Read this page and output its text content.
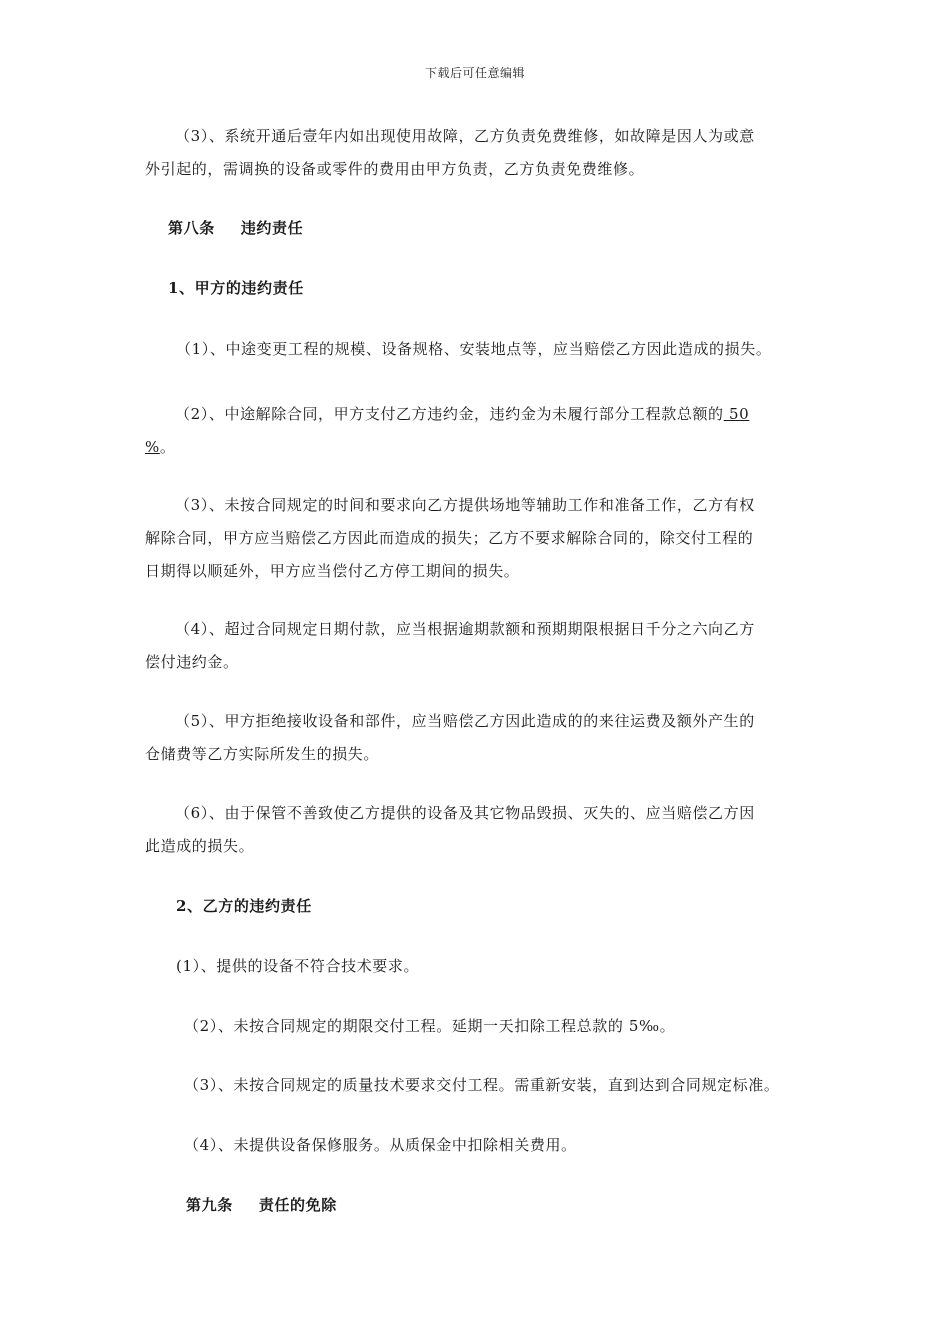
下载后可任意编辑
（3）、系统开通后壹年内如出现使用故障，乙方负责免费维修，如故障是因人为或意
外引起的，需调换的设备或零件的费用由甲方负责，乙方负责免费维修。
第八条 违约责任
1、甲方的违约责任
（1）、中途变更工程的规模、设备规格、安装地点等，应当赔偿乙方因此造成的损失。
（2）、中途解除合同，甲方支付乙方违约金，违约金为未履行部分工程款总额的 50
%。
（3）、未按合同规定的时间和要求向乙方提供场地等辅助工作和准备工作，乙方有权
解除合同，甲方应当赔偿乙方因此而造成的损失；乙方不要求解除合同的，除交付工程的
日期得以顺延外，甲方应当偿付乙方停工期间的损失。
（4）、超过合同规定日期付款，应当根据逾期款额和预期期限根据日千分之六向乙方
偿付违约金。
（5）、甲方拒绝接收设备和部件，应当赔偿乙方因此造成的的来往运费及额外产生的
仓储费等乙方实际所发生的损失。
（6）、由于保管不善致使乙方提供的设备及其它物品毁损、灭失的、应当赔偿乙方因
此造成的损失。
2、乙方的违约责任
(1）、提供的设备不符合技术要求。
（2）、未按合同规定的期限交付工程。延期一天扣除工程总款的 5‰。
（3）、未按合同规定的质量技术要求交付工程。需重新安装，直到达到合同规定标准。
（4）、未提供设备保修服务。从质保金中扣除相关费用。
第九条 责任的免除
